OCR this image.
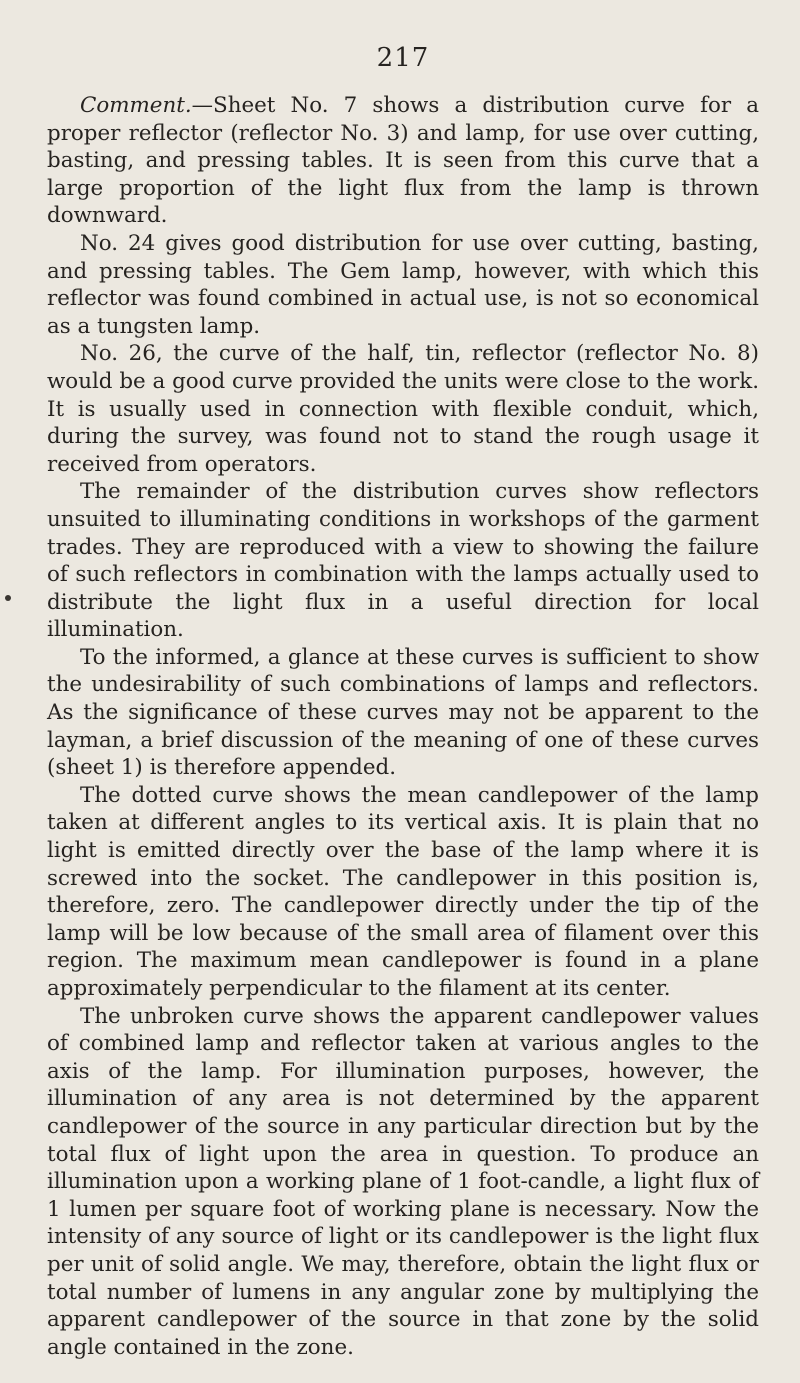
217

Comment.—Sheet No. 7 shows a distribution curve for a proper reflector (reflector No. 3) and lamp, for use over cutting, basting, and pressing tables. It is seen from this curve that a large proportion of the light flux from the lamp is thrown downward.

No. 24 gives good distribution for use over cutting, basting, and pressing tables. The Gem lamp, however, with which this reflector was found combined in actual use, is not so economical as a tungsten lamp.

No. 26, the curve of the half, tin, reflector (reflector No. 8) would be a good curve provided the units were close to the work. It is usually used in connection with flexible conduit, which, during the survey, was found not to stand the rough usage it received from operators.

The remainder of the distribution curves show reflectors unsuited to illuminating conditions in workshops of the garment trades. They are reproduced with a view to showing the failure of such reflectors in combination with the lamps actually used to distribute the light flux in a useful direction for local illumination.

To the informed, a glance at these curves is sufficient to show the undesirability of such combinations of lamps and reflectors. As the significance of these curves may not be apparent to the layman, a brief discussion of the meaning of one of these curves (sheet 1) is therefore appended.

The dotted curve shows the mean candlepower of the lamp taken at different angles to its vertical axis. It is plain that no light is emitted directly over the base of the lamp where it is screwed into the socket. The candlepower in this position is, therefore, zero. The candlepower directly under the tip of the lamp will be low because of the small area of filament over this region. The maximum mean candlepower is found in a plane approximately perpendicular to the filament at its center.

The unbroken curve shows the apparent candlepower values of combined lamp and reflector taken at various angles to the axis of the lamp. For illumination purposes, however, the illumination of any area is not determined by the apparent candlepower of the source in any particular direction but by the total flux of light upon the area in question. To produce an illumination upon a working plane of 1 foot-candle, a light flux of 1 lumen per square foot of working plane is necessary. Now the intensity of any source of light or its candlepower is the light flux per unit of solid angle. We may, therefore, obtain the light flux or total number of lumens in any angular zone by multiplying the apparent candlepower of the source in that zone by the solid angle contained in the zone.
